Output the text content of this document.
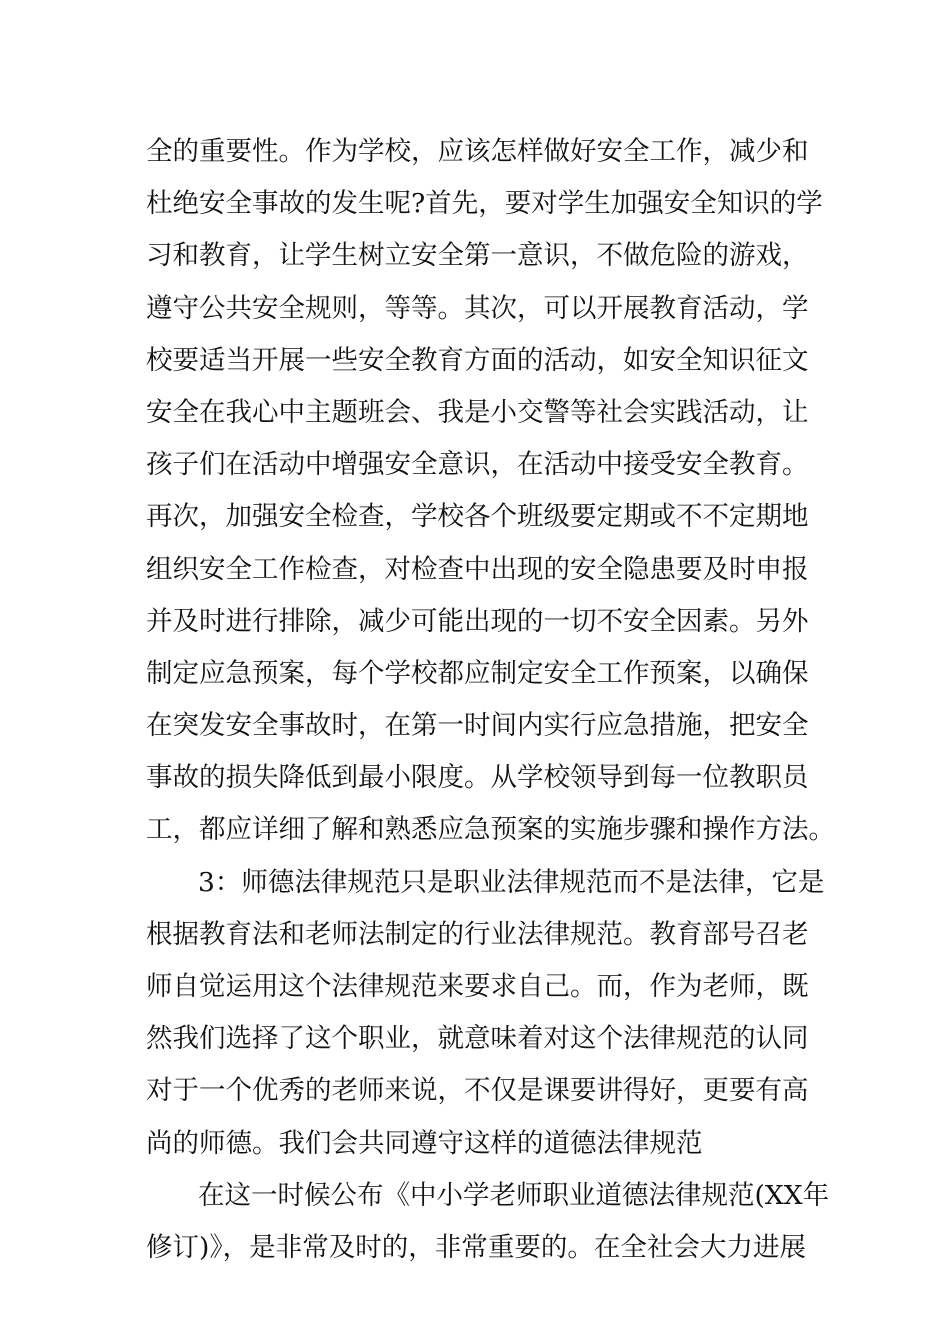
全的重要性。作为学校，应该怎样做好安全工作，减少和
杜绝安全事故的发生呢?首先，要对学生加强安全知识的学
习和教育，让学生树立安全第一意识，不做危险的游戏，
遵守公共安全规则，等等。其次，可以开展教育活动，学
校要适当开展一些安全教育方面的活动，如安全知识征文
安全在我心中主题班会、我是小交警等社会实践活动，让
孩子们在活动中增强安全意识，在活动中接受安全教育。
再次，加强安全检查，学校各个班级要定期或不不定期地
组织安全工作检查，对检查中出现的安全隐患要及时申报
并及时进行排除，减少可能出现的一切不安全因素。另外
制定应急预案，每个学校都应制定安全工作预案，以确保
在突发安全事故时，在第一时间内实行应急措施，把安全
事故的损失降低到最小限度。从学校领导到每一位教职员
工，都应详细了解和熟悉应急预案的实施步骤和操作方法。
3：师德法律规范只是职业法律规范而不是法律，它是
根据教育法和老师法制定的行业法律规范。教育部号召老
师自觉运用这个法律规范来要求自己。而，作为老师，既
然我们选择了这个职业，就意味着对这个法律规范的认同
对于一个优秀的老师来说，不仅是课要讲得好，更要有高
尚的师德。我们会共同遵守这样的道德法律规范
在这一时候公布《中小学老师职业道德法律规范(XX年
修订)》，是非常及时的，非常重要的。在全社会大力进展
